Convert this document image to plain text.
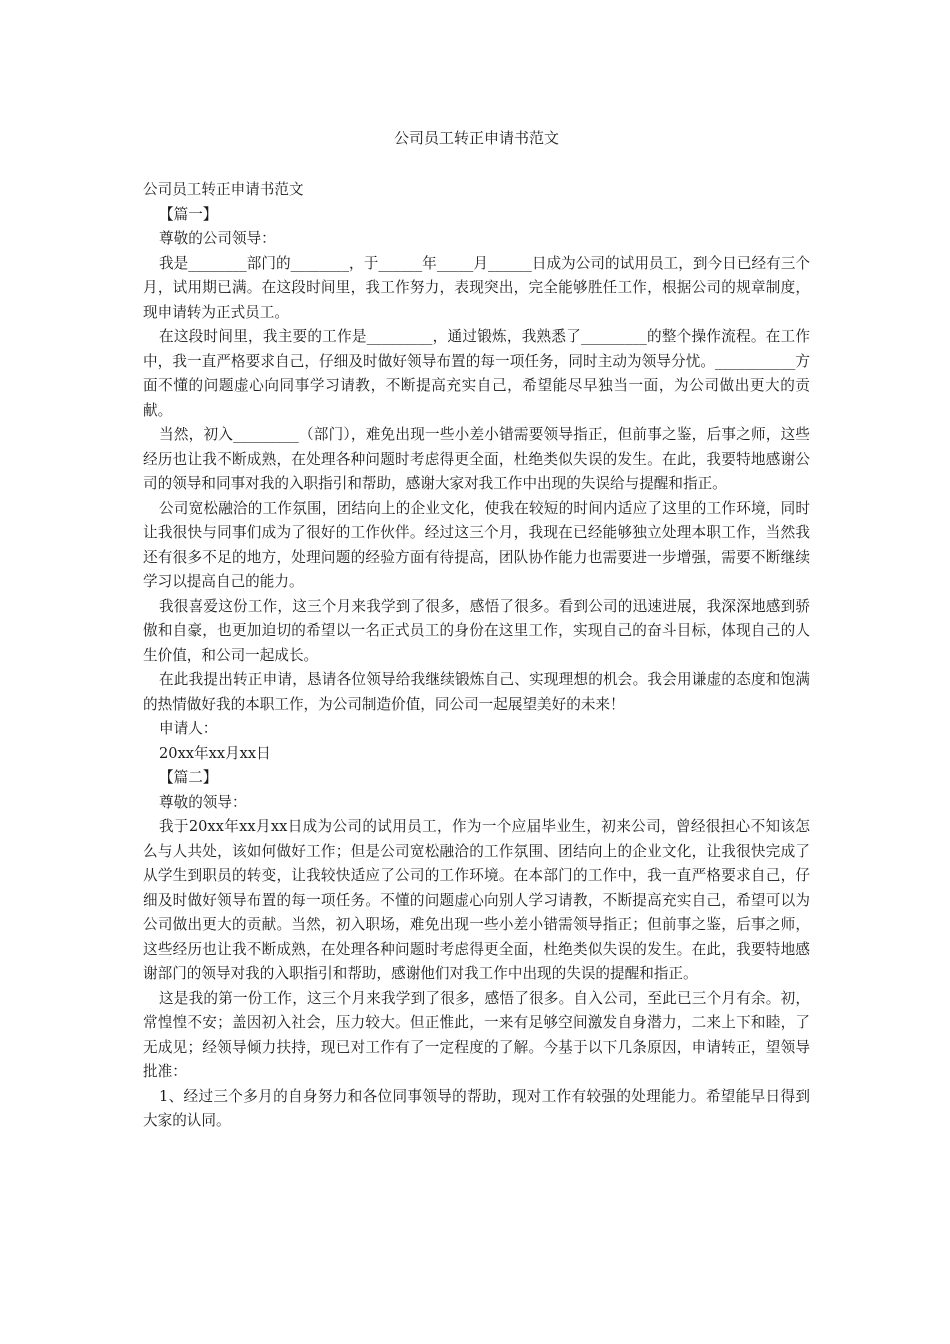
公司员工转正申请书范文

公司员工转正申请书范文

【篇一】

尊敬的公司领导：

我是________部门的________，于______年_____月______日成为公司的试用员工，到今日已经有三个月，试用期已满。在这段时间里，我工作努力，表现突出，完全能够胜任工作，根据公司的规章制度，现申请转为正式员工。

在这段时间里，我主要的工作是_________，通过锻炼，我熟悉了_________的整个操作流程。在工作中，我一直严格要求自己，仔细及时做好领导布置的每一项任务，同时主动为领导分忧。___________方面不懂的问题虚心向同事学习请教，不断提高充实自己，希望能尽早独当一面，为公司做出更大的贡献。

当然，初入_________（部门），难免出现一些小差小错需要领导指正，但前事之鉴，后事之师，这些经历也让我不断成熟，在处理各种问题时考虑得更全面，杜绝类似失误的发生。在此，我要特地感谢公司的领导和同事对我的入职指引和帮助，感谢大家对我工作中出现的失误给与提醒和指正。

公司宽松融洽的工作氛围，团结向上的企业文化，使我在较短的时间内适应了这里的工作环境，同时让我很快与同事们成为了很好的工作伙伴。经过这三个月，我现在已经能够独立处理本职工作，当然我还有很多不足的地方，处理问题的经验方面有待提高，团队协作能力也需要进一步增强，需要不断继续学习以提高自己的能力。

我很喜爱这份工作，这三个月来我学到了很多，感悟了很多。看到公司的迅速进展，我深深地感到骄傲和自豪，也更加迫切的希望以一名正式员工的身份在这里工作，实现自己的奋斗目标，体现自己的人生价值，和公司一起成长。

在此我提出转正申请，恳请各位领导给我继续锻炼自己、实现理想的机会。我会用谦虚的态度和饱满的热情做好我的本职工作，为公司制造价值，同公司一起展望美好的未来！

申请人：

20xx年xx月xx日

【篇二】

尊敬的领导：

我于20xx年xx月xx日成为公司的试用员工，作为一个应届毕业生，初来公司，曾经很担心不知该怎么与人共处，该如何做好工作；但是公司宽松融洽的工作氛围、团结向上的企业文化，让我很快完成了从学生到职员的转变，让我较快适应了公司的工作环境。在本部门的工作中，我一直严格要求自己，仔细及时做好领导布置的每一项任务。不懂的问题虚心向别人学习请教，不断提高充实自己，希望可以为公司做出更大的贡献。当然，初入职场，难免出现一些小差小错需领导指正；但前事之鉴，后事之师，这些经历也让我不断成熟，在处理各种问题时考虑得更全面，杜绝类似失误的发生。在此，我要特地感谢部门的领导对我的入职指引和帮助，感谢他们对我工作中出现的失误的提醒和指正。

这是我的第一份工作，这三个月来我学到了很多，感悟了很多。自入公司，至此已三个月有余。初，常惶惶不安；盖因初入社会，压力较大。但正惟此，一来有足够空间激发自身潜力，二来上下和睦，了无成见；经领导倾力扶持，现已对工作有了一定程度的了解。今基于以下几条原因，申请转正，望领导批准：

1、经过三个多月的自身努力和各位同事领导的帮助，现对工作有较强的处理能力。希望能早日得到大家的认同。
